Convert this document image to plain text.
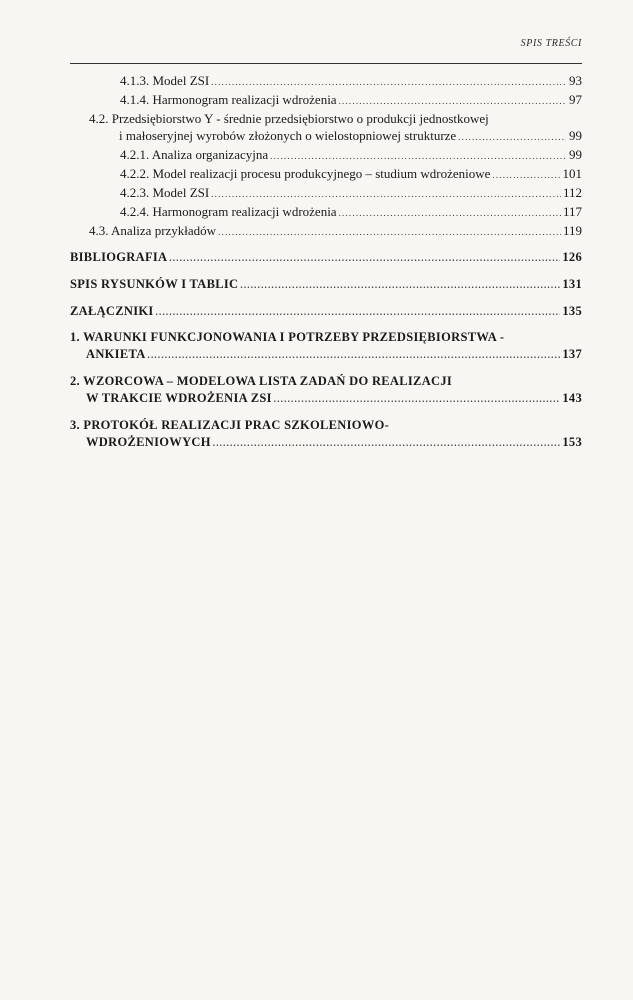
SPIS TREŚCI
4.1.3. Model ZSI .....	93
4.1.4. Harmonogram realizacji wdrożenia .....	97
4.2. Przedsiębiorstwo Y - średnie przedsiębiorstwo o produkcji jednostkowej
i małoseryjnej wyrobów złożonych o wielostopniowej strukturze .....	99
4.2.1. Analiza organizacyjna .....	99
4.2.2. Model realizacji procesu produkcyjnego – studium wdrożeniowe .....	101
4.2.3. Model ZSI .....	112
4.2.4. Harmonogram realizacji wdrożenia .....	117
4.3. Analiza przykładów .....	119
BIBLIOGRAFIA .....	126
SPIS RYSUNKÓW I TABLIC .....	131
ZAŁĄCZNIKI .....	135
1. WARUNKI FUNKCJONOWANIA I POTRZEBY PRZEDSIĘBIORSTWA -
ANKIETA .....	137
2. WZORCOWA – MODELOWA LISTA ZADAŃ DO REALIZACJI
W TRAKCIE WDROŻENIA ZSI .....	143
3. PROTOKÓŁ REALIZACJI PRAC SZKOLENIOWO-
WDROŻENIOWYCH .....	153
